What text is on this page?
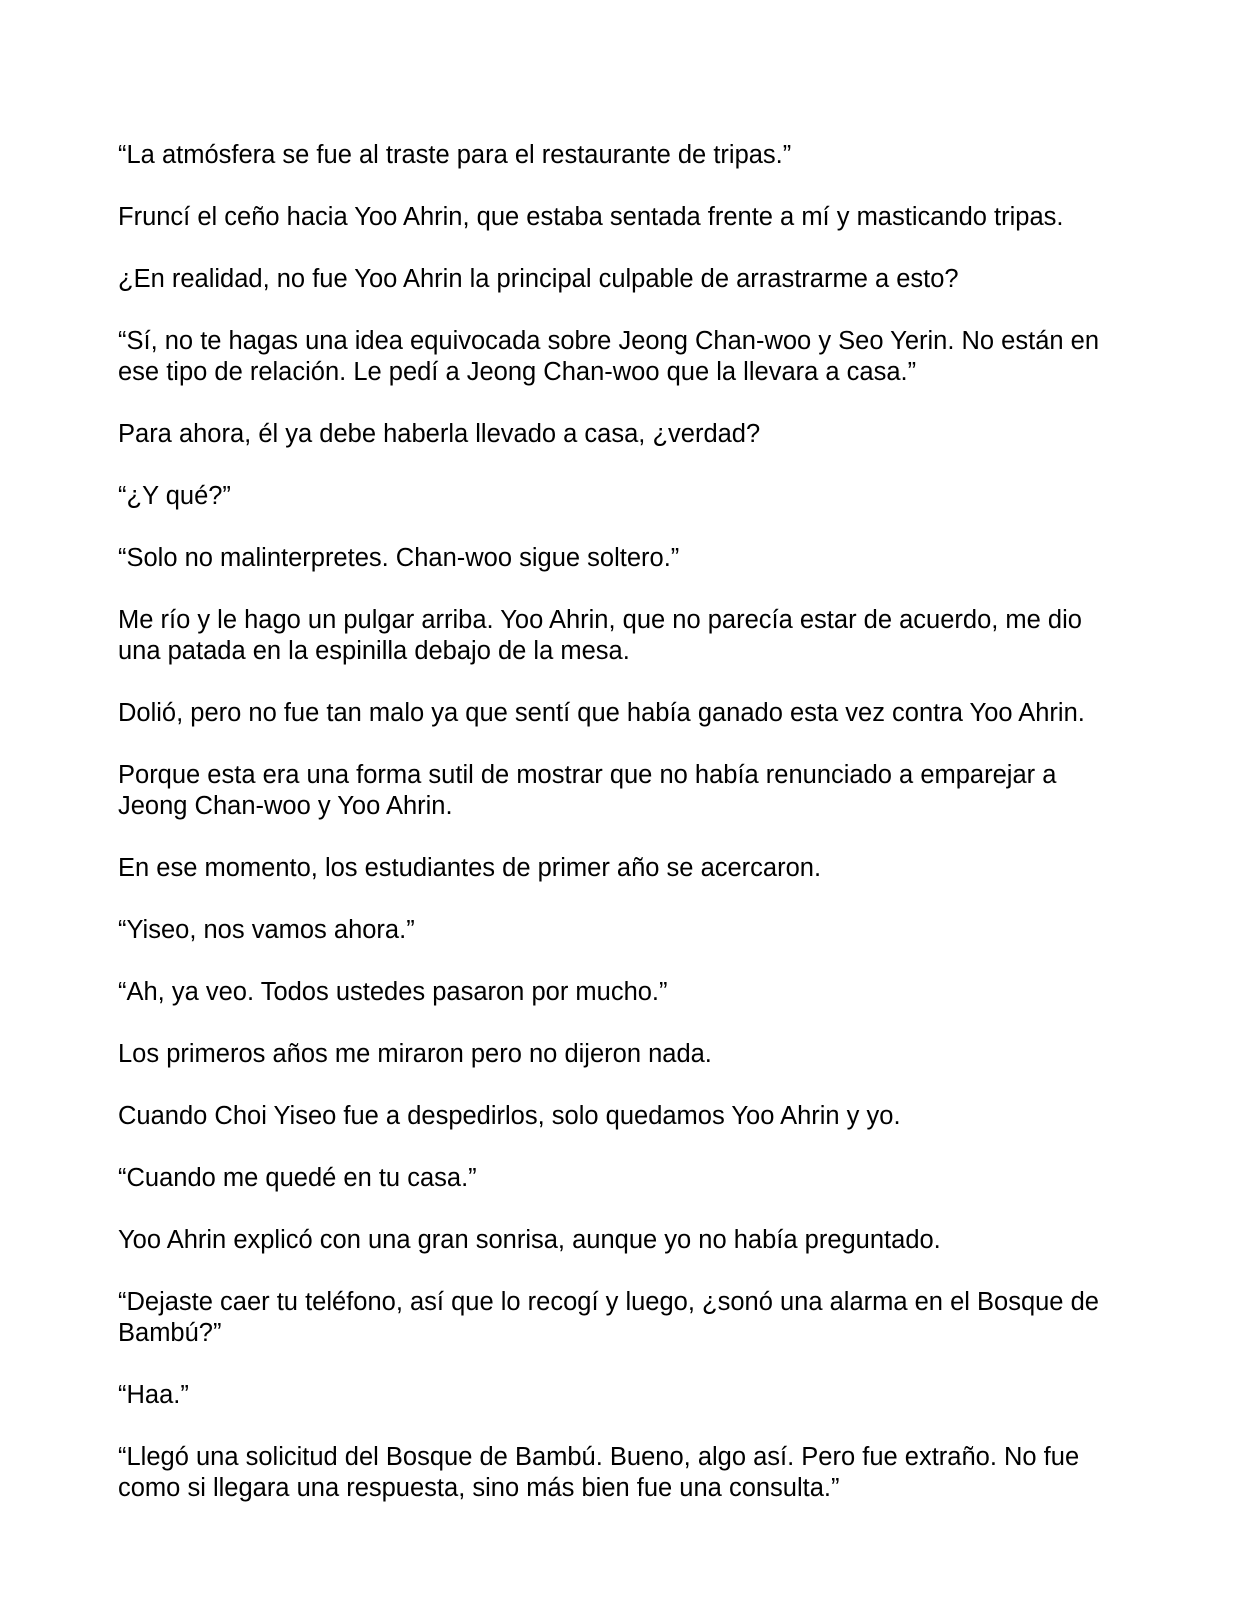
“La atmósfera se fue al traste para el restaurante de tripas.”

Fruncí el ceño hacia Yoo Ahrin, que estaba sentada frente a mí y masticando tripas.

¿En realidad, no fue Yoo Ahrin la principal culpable de arrastrarme a esto?

“Sí, no te hagas una idea equivocada sobre Jeong Chan-woo y Seo Yerin. No están en ese tipo de relación. Le pedí a Jeong Chan-woo que la llevara a casa.”

Para ahora, él ya debe haberla llevado a casa, ¿verdad?

“¿Y qué?”

“Solo no malinterpretes. Chan-woo sigue soltero.”

Me río y le hago un pulgar arriba. Yoo Ahrin, que no parecía estar de acuerdo, me dio una patada en la espinilla debajo de la mesa.

Dolió, pero no fue tan malo ya que sentí que había ganado esta vez contra Yoo Ahrin.

Porque esta era una forma sutil de mostrar que no había renunciado a emparejar a Jeong Chan-woo y Yoo Ahrin.

En ese momento, los estudiantes de primer año se acercaron.

“Yiseo, nos vamos ahora.”

“Ah, ya veo. Todos ustedes pasaron por mucho.”

Los primeros años me miraron pero no dijeron nada.

Cuando Choi Yiseo fue a despedirlos, solo quedamos Yoo Ahrin y yo.

“Cuando me quedé en tu casa.”

Yoo Ahrin explicó con una gran sonrisa, aunque yo no había preguntado.

“Dejaste caer tu teléfono, así que lo recogí y luego, ¿sonó una alarma en el Bosque de Bambú?”

“Haa.”

“Llegó una solicitud del Bosque de Bambú. Bueno, algo así. Pero fue extraño. No fue como si llegara una respuesta, sino más bien fue una consulta.”
